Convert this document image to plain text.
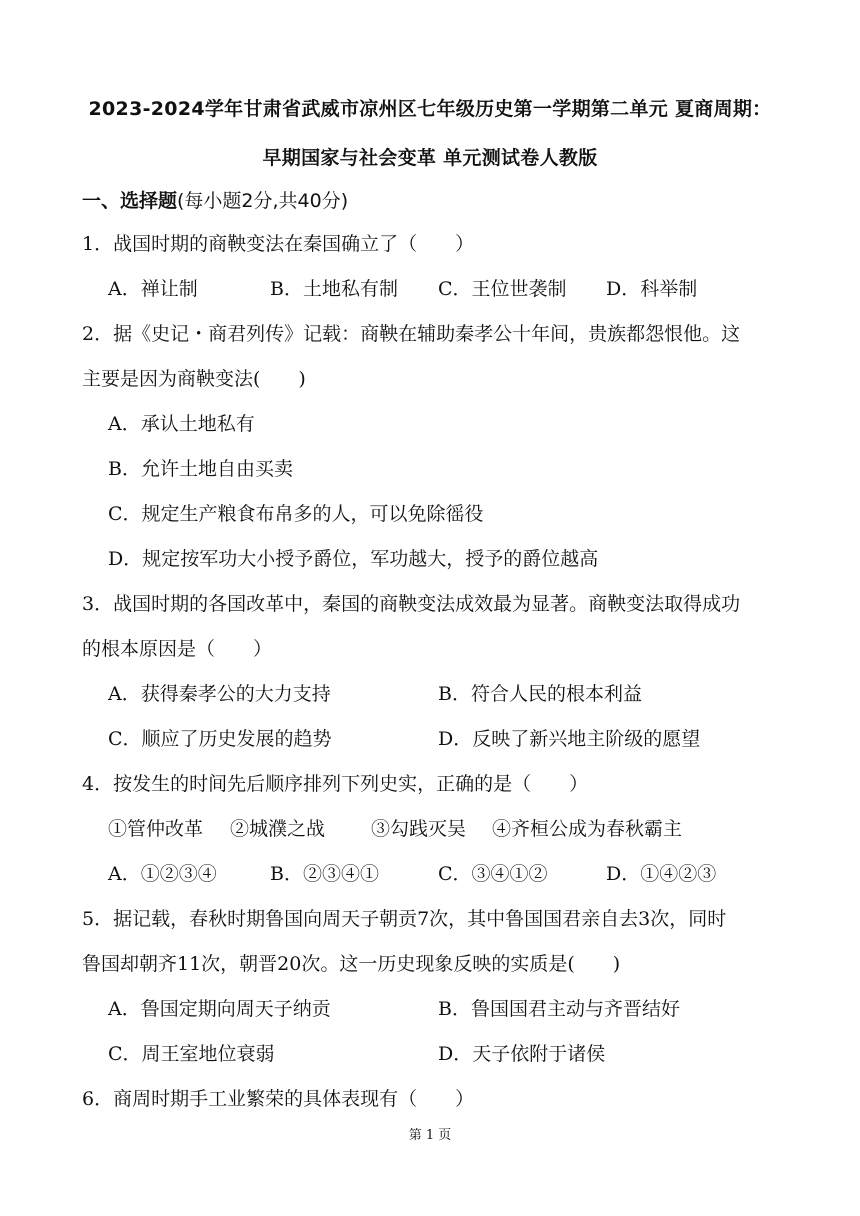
2023-2024学年甘肃省武威市凉州区七年级历史第一学期第二单元 夏商周期：
早期国家与社会变革 单元测试卷人教版
一、选择题(每小题2分,共40分)
1．战国时期的商鞅变法在秦国确立了（　　）
A．禅让制	B．土地私有制 C．王位世袭制 D．科举制
2．据《史记・商君列传》记载：商鞅在辅助秦孝公十年间，贵族都怨恨他。这
主要是因为商鞅变法(　　)
A．承认土地私有
B．允许土地自由买卖
C．规定生产粮食布帛多的人，可以免除徭役
D．规定按军功大小授予爵位，军功越大，授予的爵位越高
3．战国时期的各国改革中，秦国的商鞅变法成效最为显著。商鞅变法取得成功
的根本原因是（　　）
A．获得秦孝公的大力支持	B．符合人民的根本利益
C．顺应了历史发展的趋势	D．反映了新兴地主阶级的愿望
4．按发生的时间先后顺序排列下列史实，正确的是（　　）
①管仲改革 ②城濮之战 ③勾践灭吴 ④齐桓公成为春秋霸主
A．①②③④	B．②③④①	C．③④①②	D．①④②③
5．据记载，春秋时期鲁国向周天子朝贡7次，其中鲁国国君亲自去3次，同时
鲁国却朝齐11次，朝晋20次。这一历史现象反映的实质是(　　)
A．鲁国定期向周天子纳贡	B．鲁国国君主动与齐晋结好
C．周王室地位衰弱	D．天子依附于诸侯
6．商周时期手工业繁荣的具体表现有（　　）
第 1 页
